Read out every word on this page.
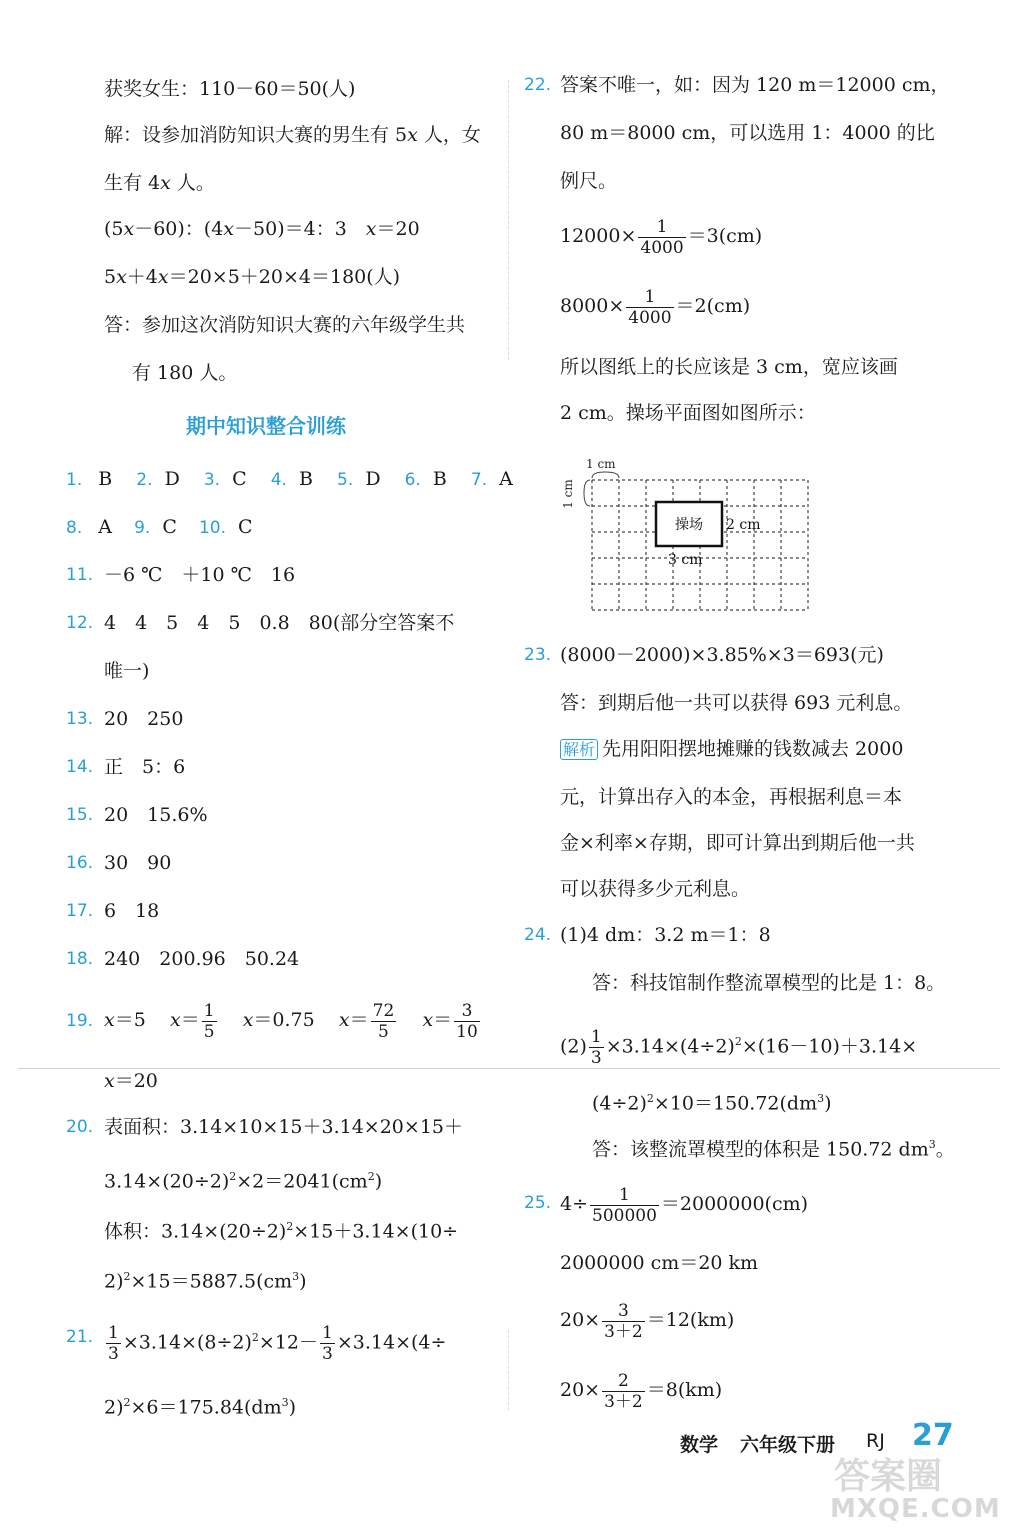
获奖女生：110－60＝50(人)
解：设参加消防知识大赛的男生有 5𝑥 人，女
生有 4𝑥 人。
(5𝑥－60)：(4𝑥－50)＝4：3　𝑥＝20
5𝑥＋4𝑥＝20×5＋20×4＝180(人)
答：参加这次消防知识大赛的六年级学生共
有 180 人。
期中知识整合训练
1. B 2. D 3. C 4. B 5. D 6. B 7. A
8. A 9. C 10. C
11. －6 ℃　＋10 ℃　16
12. 4　4　5　4　5　0.8　80(部分空答案不
唯一)
13. 20　250
14. 正　5：6
15. 20　15.6%
16. 30　90
17. 6　18
18. 240　200.96　50.24
19. 𝑥＝5 𝑥＝ $\frac{1}{5}$ 𝑥＝0.75 𝑥＝ $\frac{72}{5}$ 𝑥＝ $\frac{3}{10}$
𝑥＝20
20. 表面积：3.14×10×15＋3.14×20×15＋
$3.14\times(20\div 2)^2\times 2=2041(cm^2)$
体积：$3.14\times(20\div 2)^2\times 15+3.14\times(10\div$
$2)^2\times 15=5887.5(cm^3)$
21. $\frac{1}{3} \times 3.14\times(8\div 2)^2\times 12- \frac{1}{3} \times 3.14\times(4\div$
$2)^2\times 6=175.84(dm^3)$
22. 答案不唯一，如：因为 120 m＝12000 cm，
80 m＝8000 cm，可以选用 1：4000 的比
例尺。
$12000\times \frac{1}{4000} =3(cm)$
$8000\times \frac{1}{4000} =2(cm)$
所以图纸上的长应该是 3 cm，宽应该画
2 cm。操场平面图如图所示：
1 cm
1 cm
操场 2 cm
3 cm
23. (8000－2000)×3.85%×3＝693(元)
答：到期后他一共可以获得 693 元利息。
解析 先用阳阳摆地摊赚的钱数减去 2000
元，计算出存入的本金，再根据利息＝本
金×利率×存期，即可计算出到期后他一共
可以获得多少元利息。
24. (1)4 dm：3.2 m＝1：8
答：科技馆制作整流罩模型的比是 1：8。
$(2) \frac{1}{3} \times 3.14\times(4\div 2)^2\times(16-10)+3.14\times$
$(4\div 2)^2\times 10=150.72(dm^3)$
答：该整流罩模型的体积是 150.72 $dm^3$。
25. $4\div \frac{1}{500000} =2000000(cm)$
2000000 cm＝20 km
$20\times \frac{3}{3+2} =12(km)$
$20\times \frac{2}{3+2} =8(km)$
数学 六年级下册 RJ 27
答案圈
MXQE.COM
